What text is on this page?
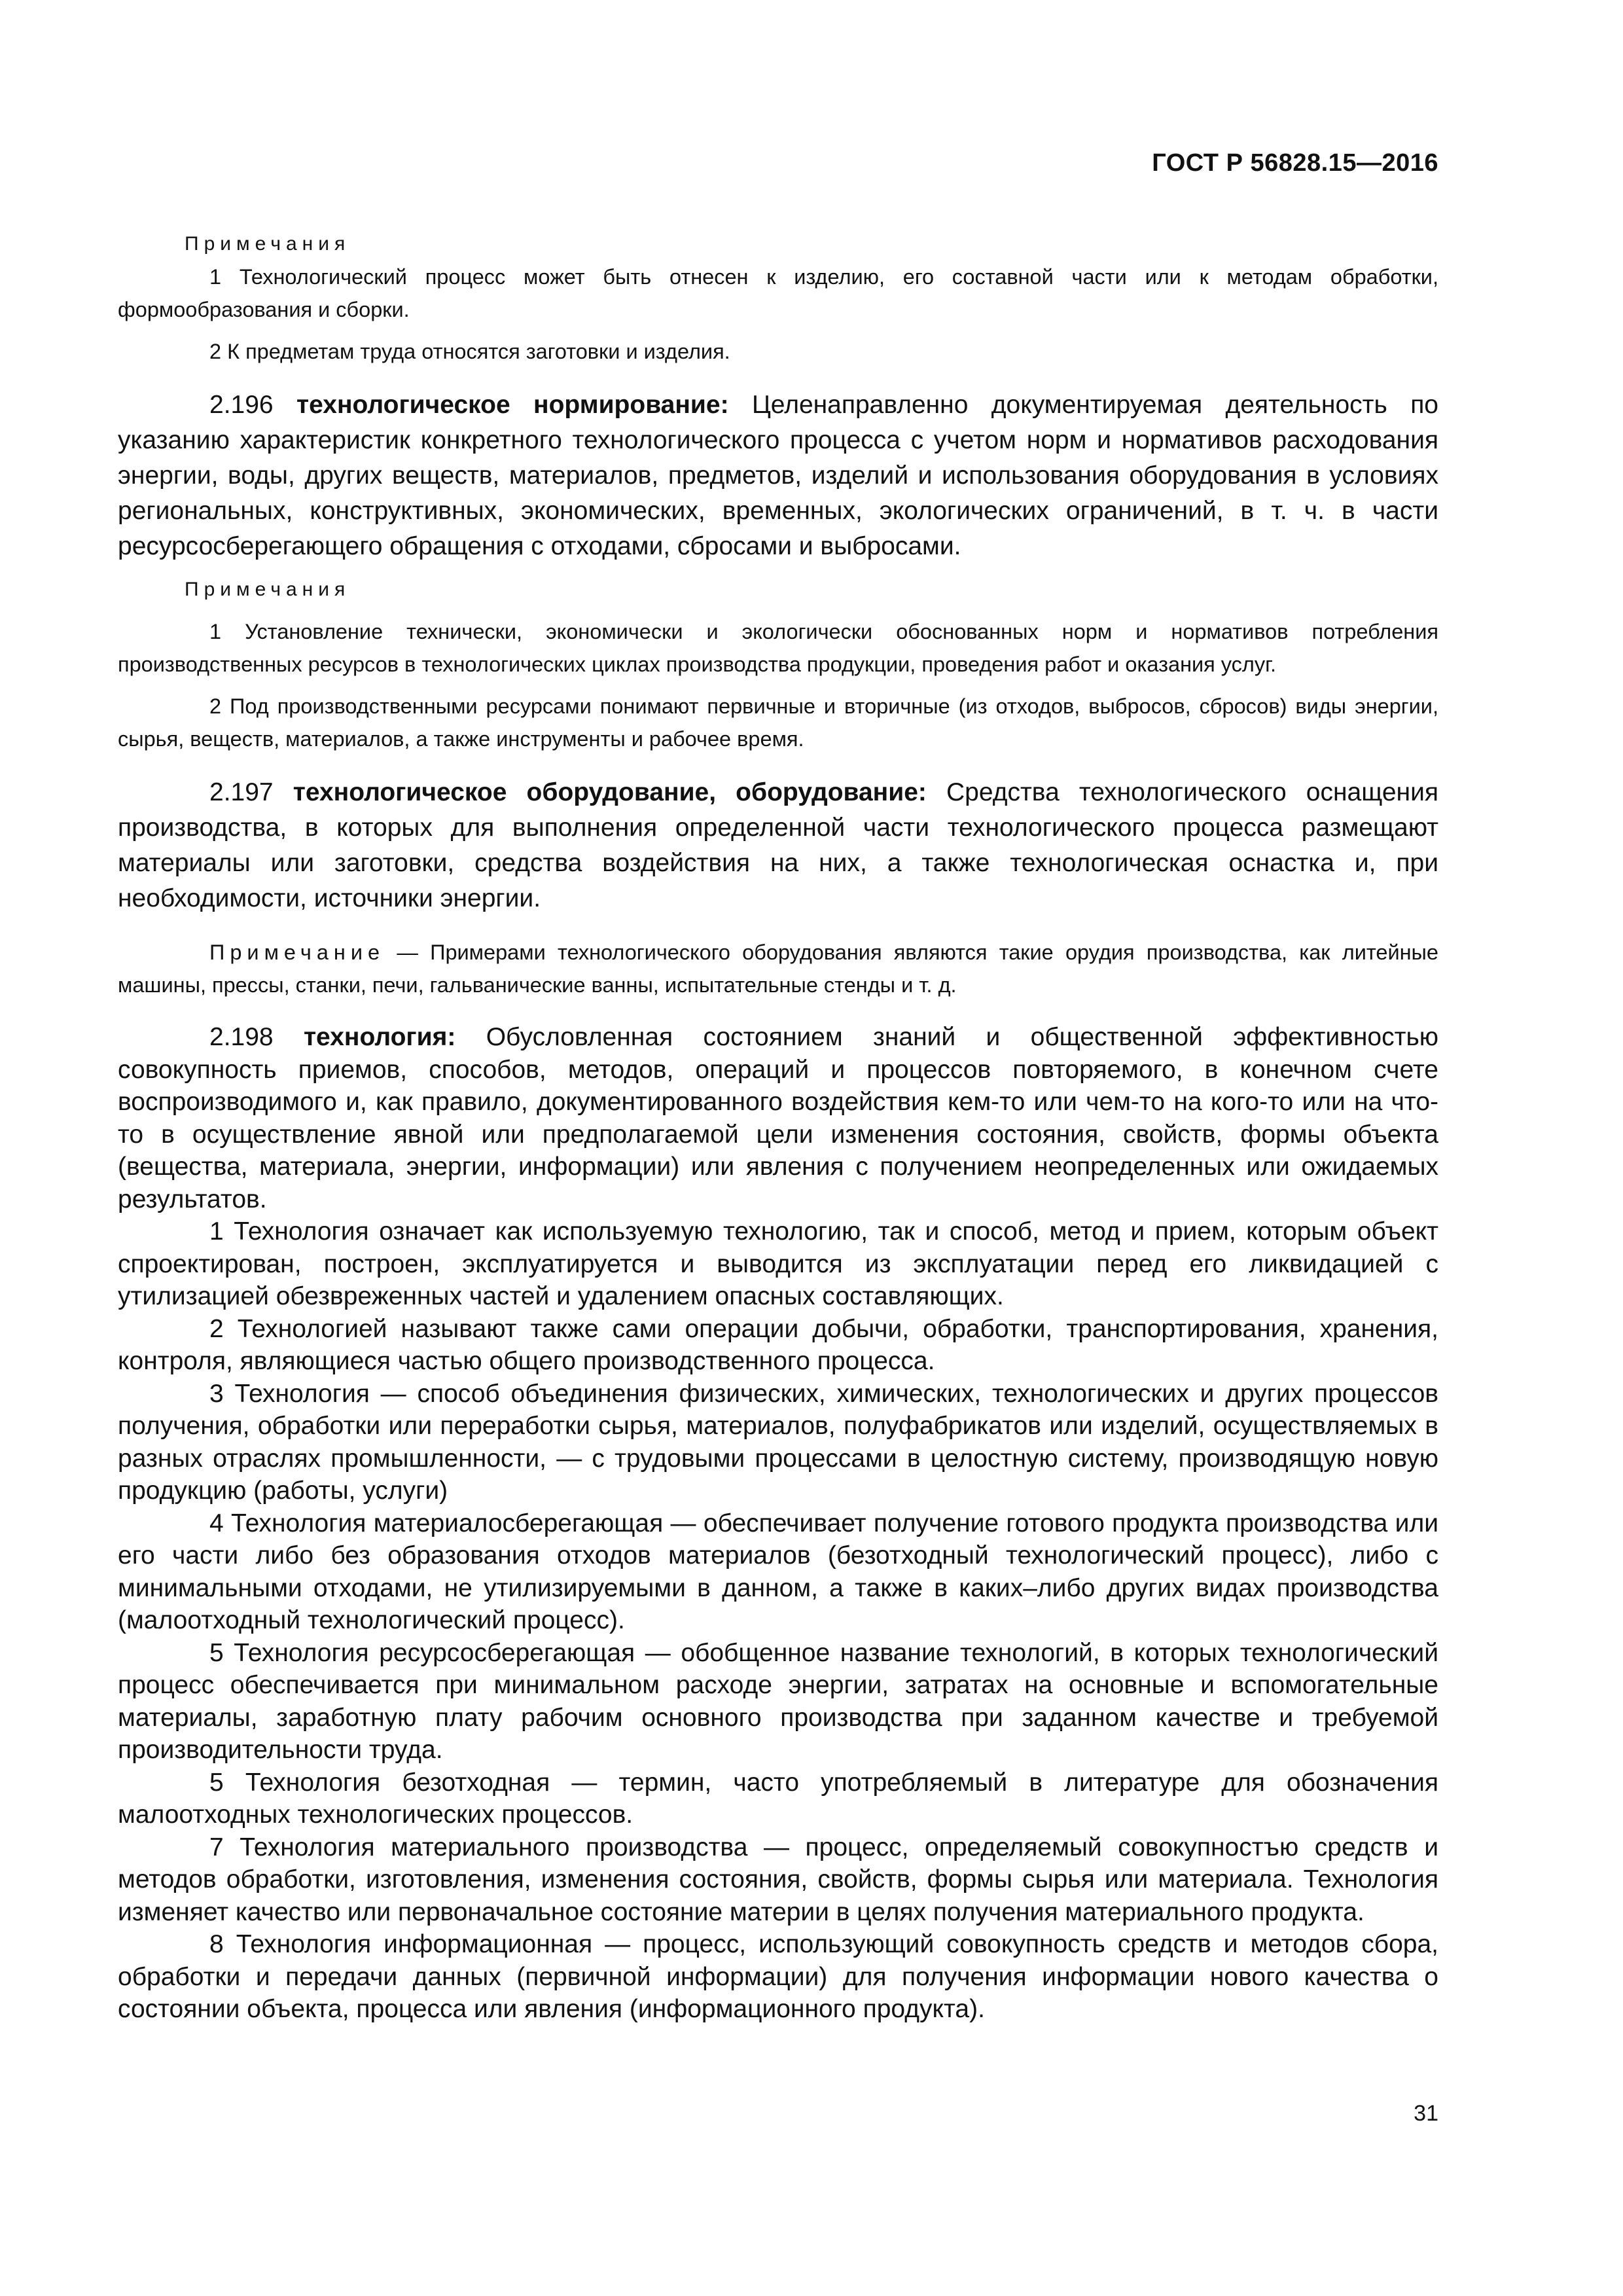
ГОСТ Р 56828.15—2016

Примечания

1 Технологический процесс может быть отнесен к изделию, его составной части или к методам обработки, формообразования и сборки.

2 К предметам труда относятся заготовки и изделия.

2.196 технологическое нормирование: Целенаправленно документируемая деятельность по указанию характеристик конкретного технологического процесса с учетом норм и нормативов расходования энергии, воды, других веществ, материалов, предметов, изделий и использования оборудования в условиях региональных, конструктивных, экономических, временных, экологических ограничений, в т. ч. в части ресурсосберегающего обращения с отходами, сбросами и выбросами.

Примечания

1 Установление технически, экономически и экологически обоснованных норм и нормативов потребления производственных ресурсов в технологических циклах производства продукции, проведения работ и оказания услуг.

2 Под производственными ресурсами понимают первичные и вторичные (из отходов, выбросов, сбросов) виды энергии, сырья, веществ, материалов, а также инструменты и рабочее время.

2.197 технологическое оборудование, оборудование: Средства технологического оснащения производства, в которых для выполнения определенной части технологического процесса размещают материалы или заготовки, средства воздействия на них, а также технологическая оснастка и, при необходимости, источники энергии.

Примечание — Примерами технологического оборудования являются такие орудия производства, как литейные машины, прессы, станки, печи, гальванические ванны, испытательные стенды и т. д.

2.198 технология: Обусловленная состоянием знаний и общественной эффективностью совокупность приемов, способов, методов, операций и процессов повторяемого, в конечном счете воспроизводимого и, как правило, документированного воздействия кем-то или чем-то на кого-то или на что-то в осуществление явной или предполагаемой цели изменения состояния, свойств, формы объекта (вещества, материала, энергии, информации) или явления с получением неопределенных или ожидаемых результатов.

1 Технология означает как используемую технологию, так и способ, метод и прием, которым объект спроектирован, построен, эксплуатируется и выводится из эксплуатации перед его ликвидацией с утилизацией обезвреженных частей и удалением опасных составляющих.

2 Технологией называют также сами операции добычи, обработки, транспортирования, хранения, контроля, являющиеся частью общего производственного процесса.

3 Технология — способ объединения физических, химических, технологических и других процессов получения, обработки или переработки сырья, материалов, полуфабрикатов или изделий, осуществляемых в разных отраслях промышленности, — с трудовыми процессами в целостную систему, производящую новую продукцию (работы, услуги)

4 Технология материалосберегающая — обеспечивает получение готового продукта производства или его части либо без образования отходов материалов (безотходный технологический процесс), либо с минимальными отходами, не утилизируемыми в данном, а также в каких–либо других видах производства (малоотходный технологический процесс).

5 Технология ресурсосберегающая — обобщенное название технологий, в которых технологический процесс обеспечивается при минимальном расходе энергии, затратах на основные и вспомогательные материалы, заработную плату рабочим основного производства при заданном качестве и требуемой производительности труда.

5 Технология безотходная — термин, часто употребляемый в литературе для обозначения малоотходных технологических процессов.

7 Технология материального производства — процесс, определяемый совокупностъю средств и методов обработки, изготовления, изменения состояния, свойств, формы сырья или материала. Технология изменяет качество или первоначальное состояние материи в целях получения материального продукта.

8 Технология информационная — процесс, использующий совокупность средств и методов сбора, обработки и передачи данных (первичной информации) для получения информации нового качества о состоянии объекта, процесса или явления (информационного продукта).

31
